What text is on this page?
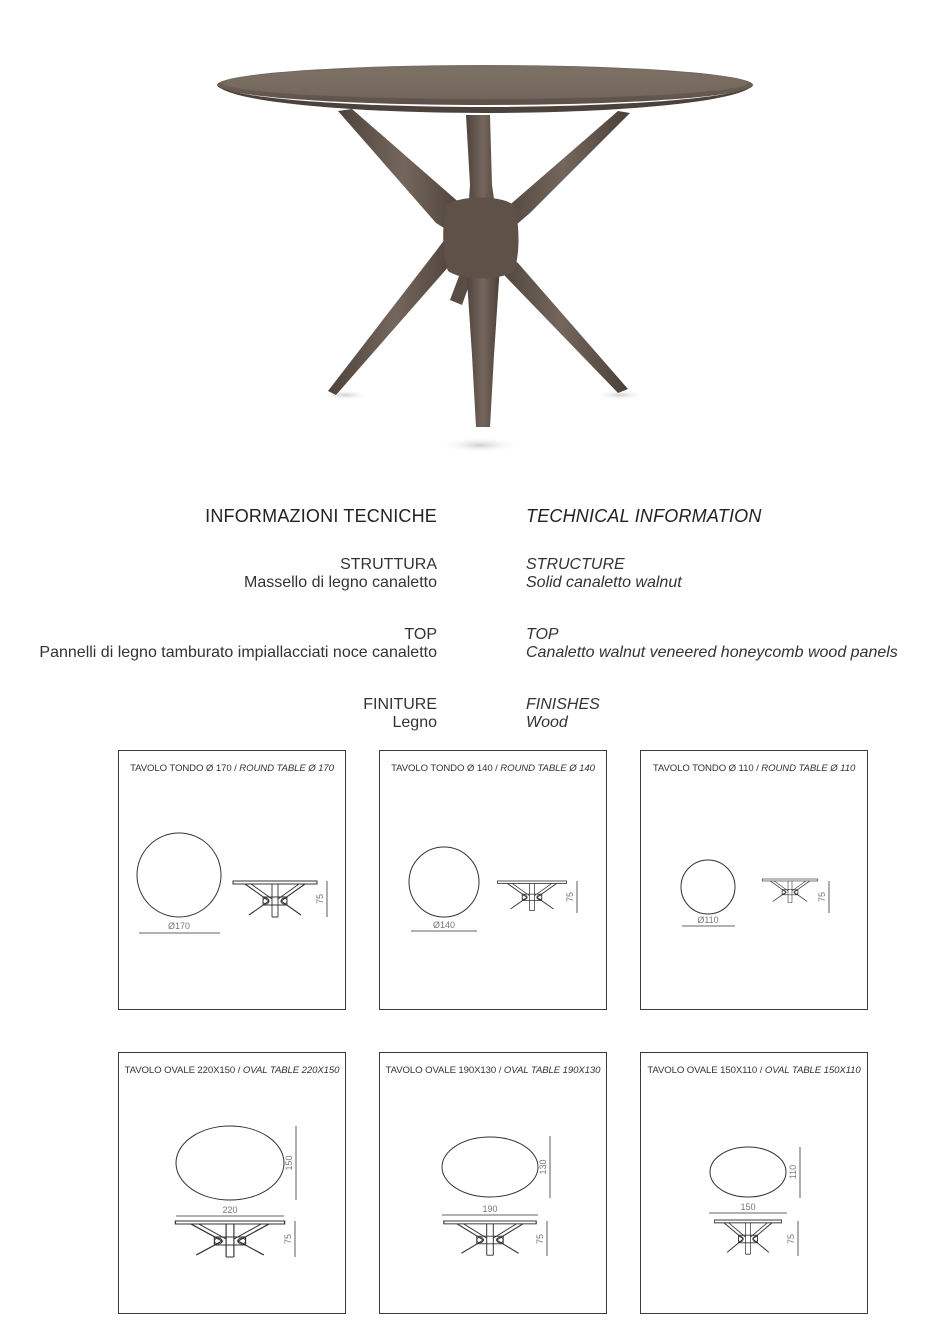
INFORMAZIONI TECNICHE
STRUTTURA
Massello di legno canaletto
TOP
Pannelli di legno tamburato impiallacciati noce canaletto
FINITURE
Legno
TECHNICAL INFORMATION
STRUCTURE
Solid canaletto walnut
TOP
Canaletto walnut veneered honeycomb wood panels
FINISHES
Wood
TAVOLO TONDO Ø 170 / ROUND TABLE Ø 170
Ø170
75
TAVOLO TONDO Ø 140 / ROUND TABLE Ø 140
Ø140
75
TAVOLO TONDO Ø 110 / ROUND TABLE Ø 110
Ø110
75
TAVOLO OVALE 220X150 / OVAL TABLE 220X150
150
220
75
TAVOLO OVALE 190X130 / OVAL TABLE 190X130
130
190
75
TAVOLO OVALE 150X110 / OVAL TABLE 150X110
110
150
75
